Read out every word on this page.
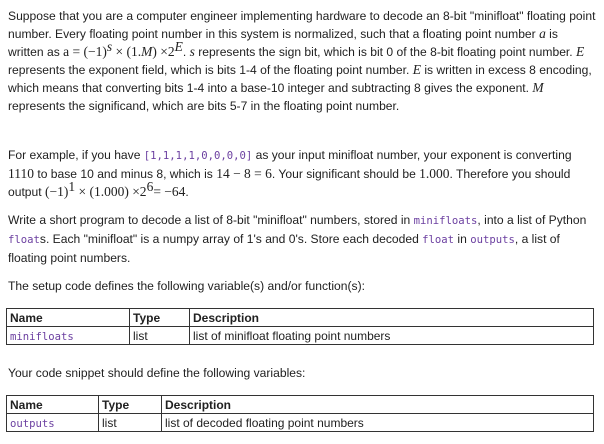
Suppose that you are a computer engineer implementing hardware to decode an 8-bit "minifloat" floating point number. Every floating point number in this system is normalized, such that a floating point number a is written as $a = (-1)^s \times (1.M) \times 2^E$. s represents the sign bit, which is bit 0 of the 8-bit floating point number. E represents the exponent field, which is bits 1-4 of the floating point number. E is written in excess 8 encoding, which means that converting bits 1-4 into a base-10 integer and subtracting 8 gives the exponent. M represents the significand, which are bits 5-7 in the floating point number.

For example, if you have [1,1,1,1,0,0,0,0] as your input minifloat number, your exponent is converting 1110 to base 10 and minus 8, which is 14 − 8 = 6. Your significant should be 1.000. Therefore you should output $(-1)^1 \times (1.000) \times 2^6= -64$.

Write a short program to decode a list of 8-bit "minifloat" numbers, stored in minifloats, into a list of Python floats. Each "minifloat" is a numpy array of 1's and 0's. Store each decoded float in outputs, a list of floating point numbers.

The setup code defines the following variable(s) and/or function(s):

Name	Type	Description
minifloats	list	list of minifloat floating point numbers

Your code snippet should define the following variables:

Name	Type	Description
outputs	list	list of decoded floating point numbers
